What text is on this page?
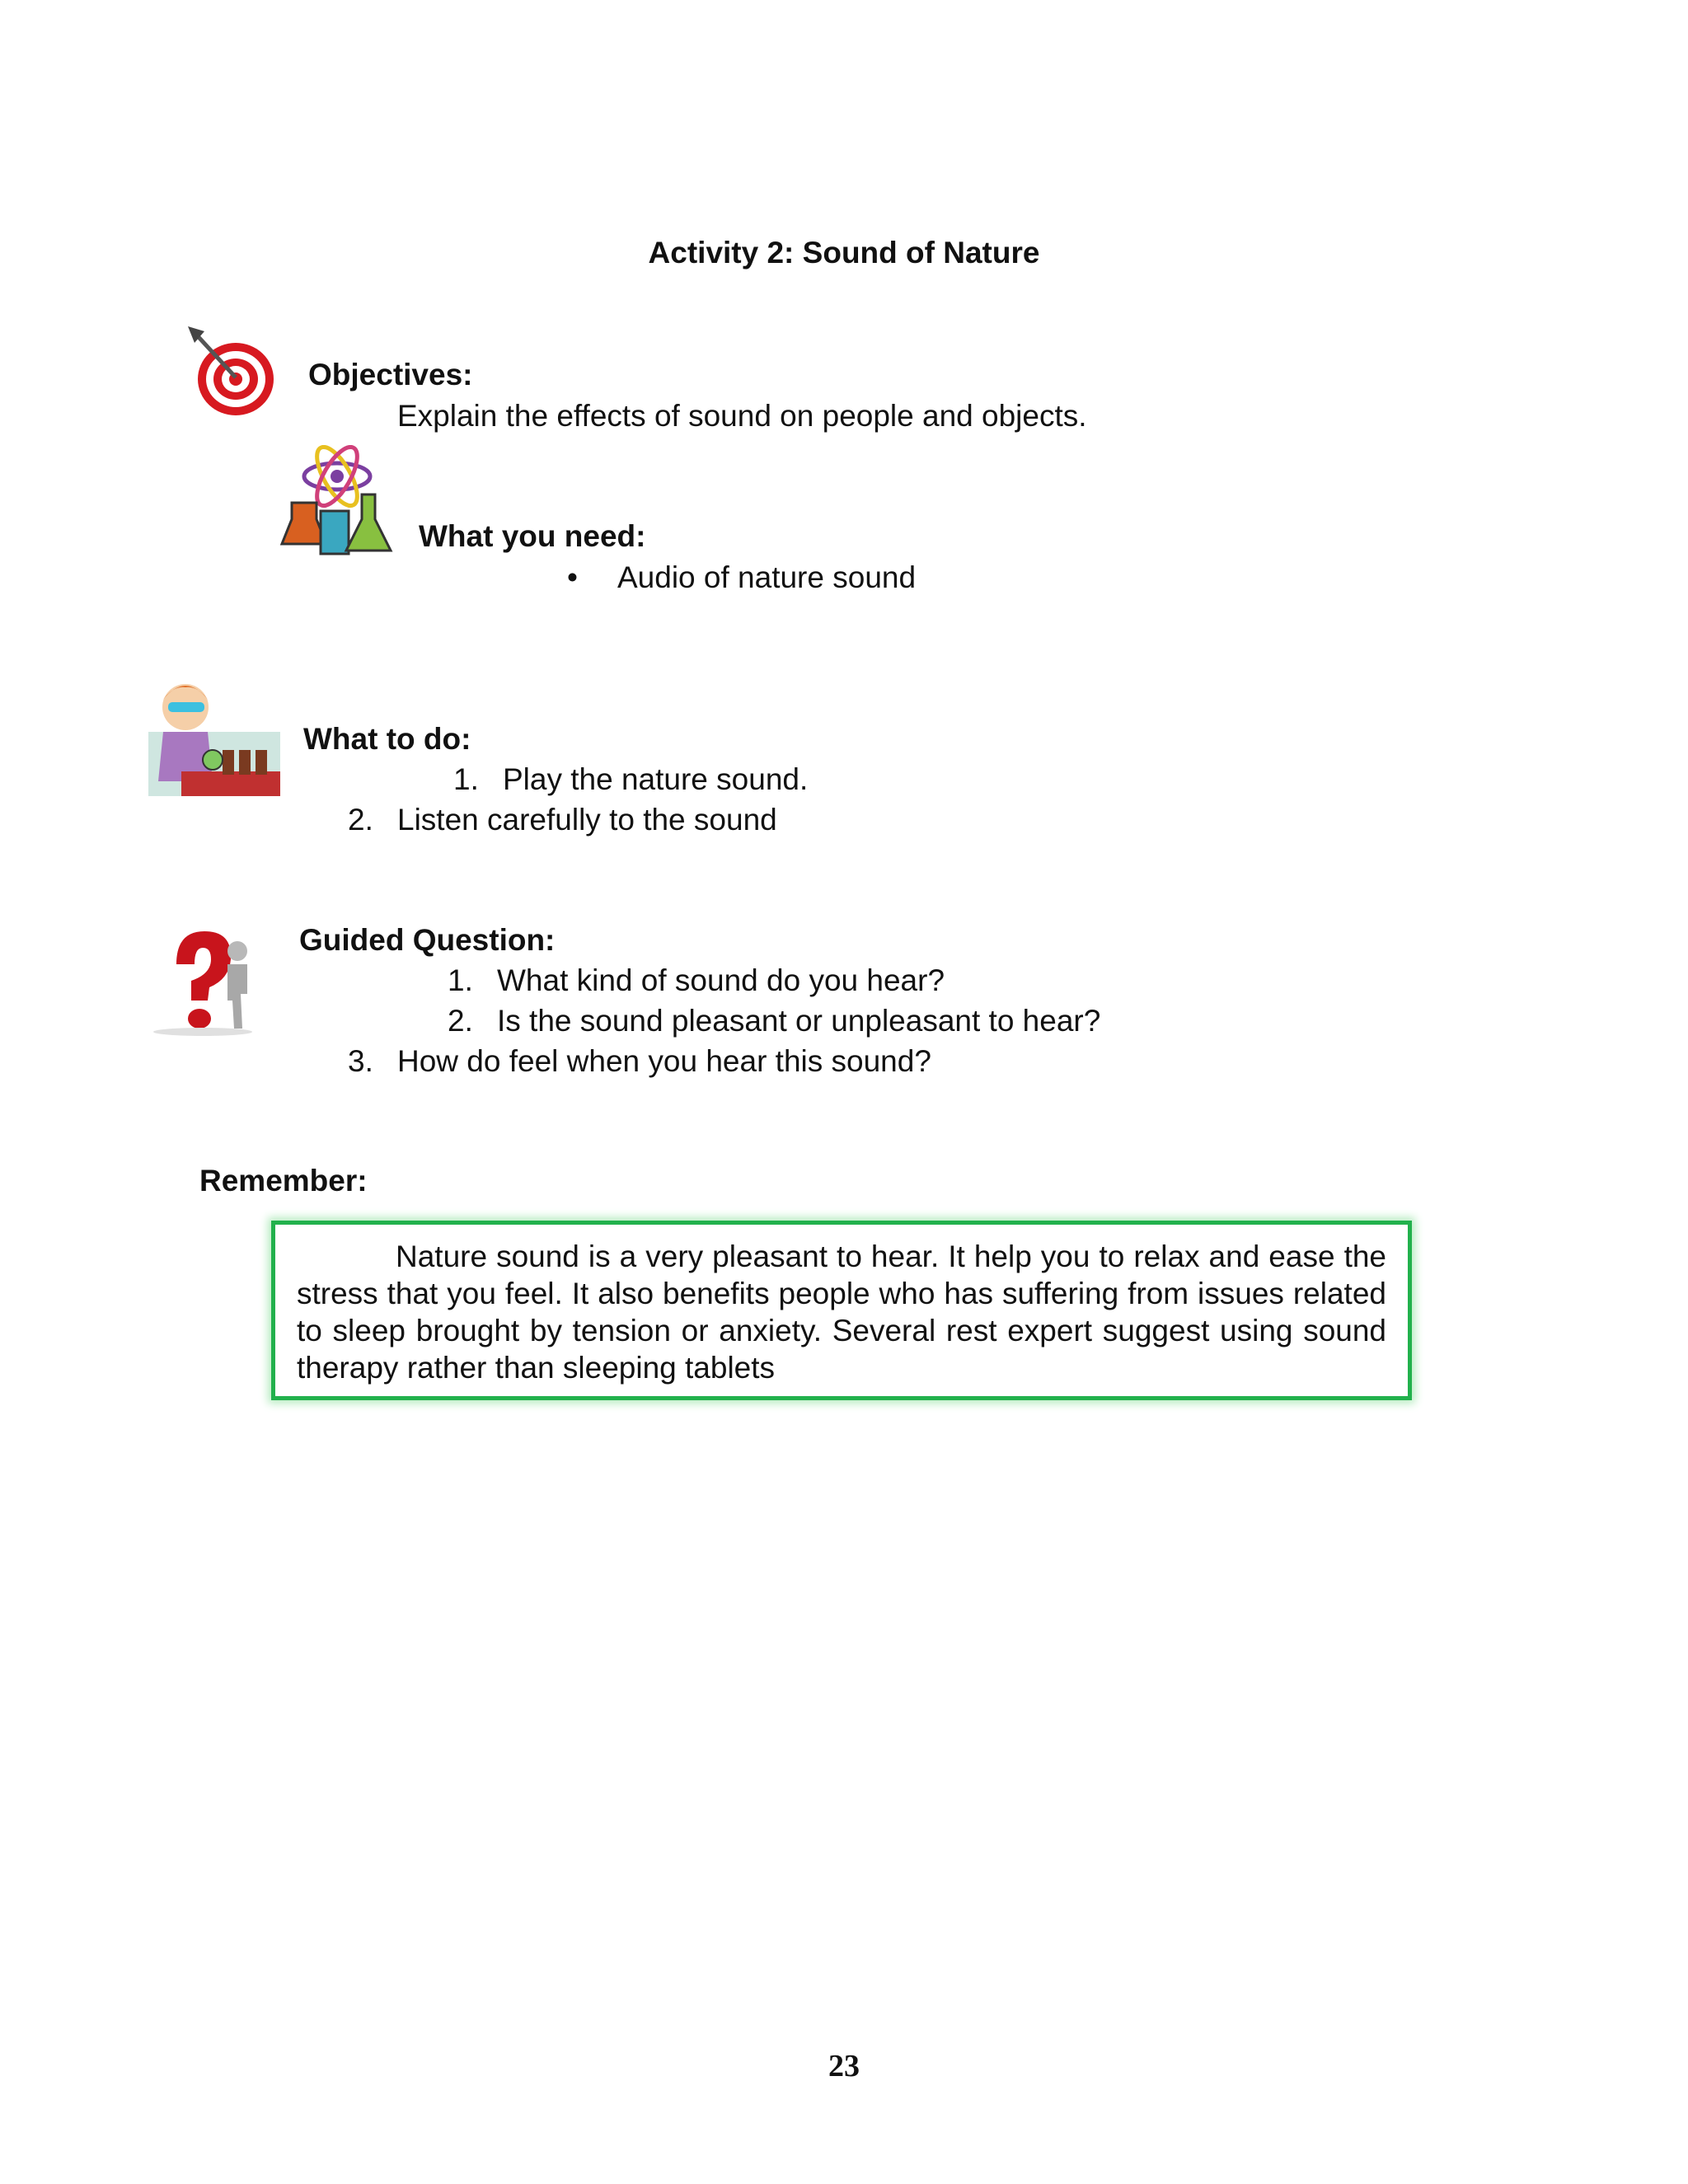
Activity 2: Sound of Nature
Objectives:
Explain the effects of sound on people and objects.
What you need:
• Audio of nature sound
What to do:
1. Play the nature sound.
2. Listen carefully to the sound
Guided Question:
1. What kind of sound do you hear?
2. Is the sound pleasant or unpleasant to hear?
3. How do feel when you hear this sound?
Remember:
Nature sound is a very pleasant to hear. It help you to relax and ease the stress that you feel. It also benefits people who has suffering from issues related to sleep brought by tension or anxiety. Several rest expert suggest using sound therapy rather than sleeping tablets
23
